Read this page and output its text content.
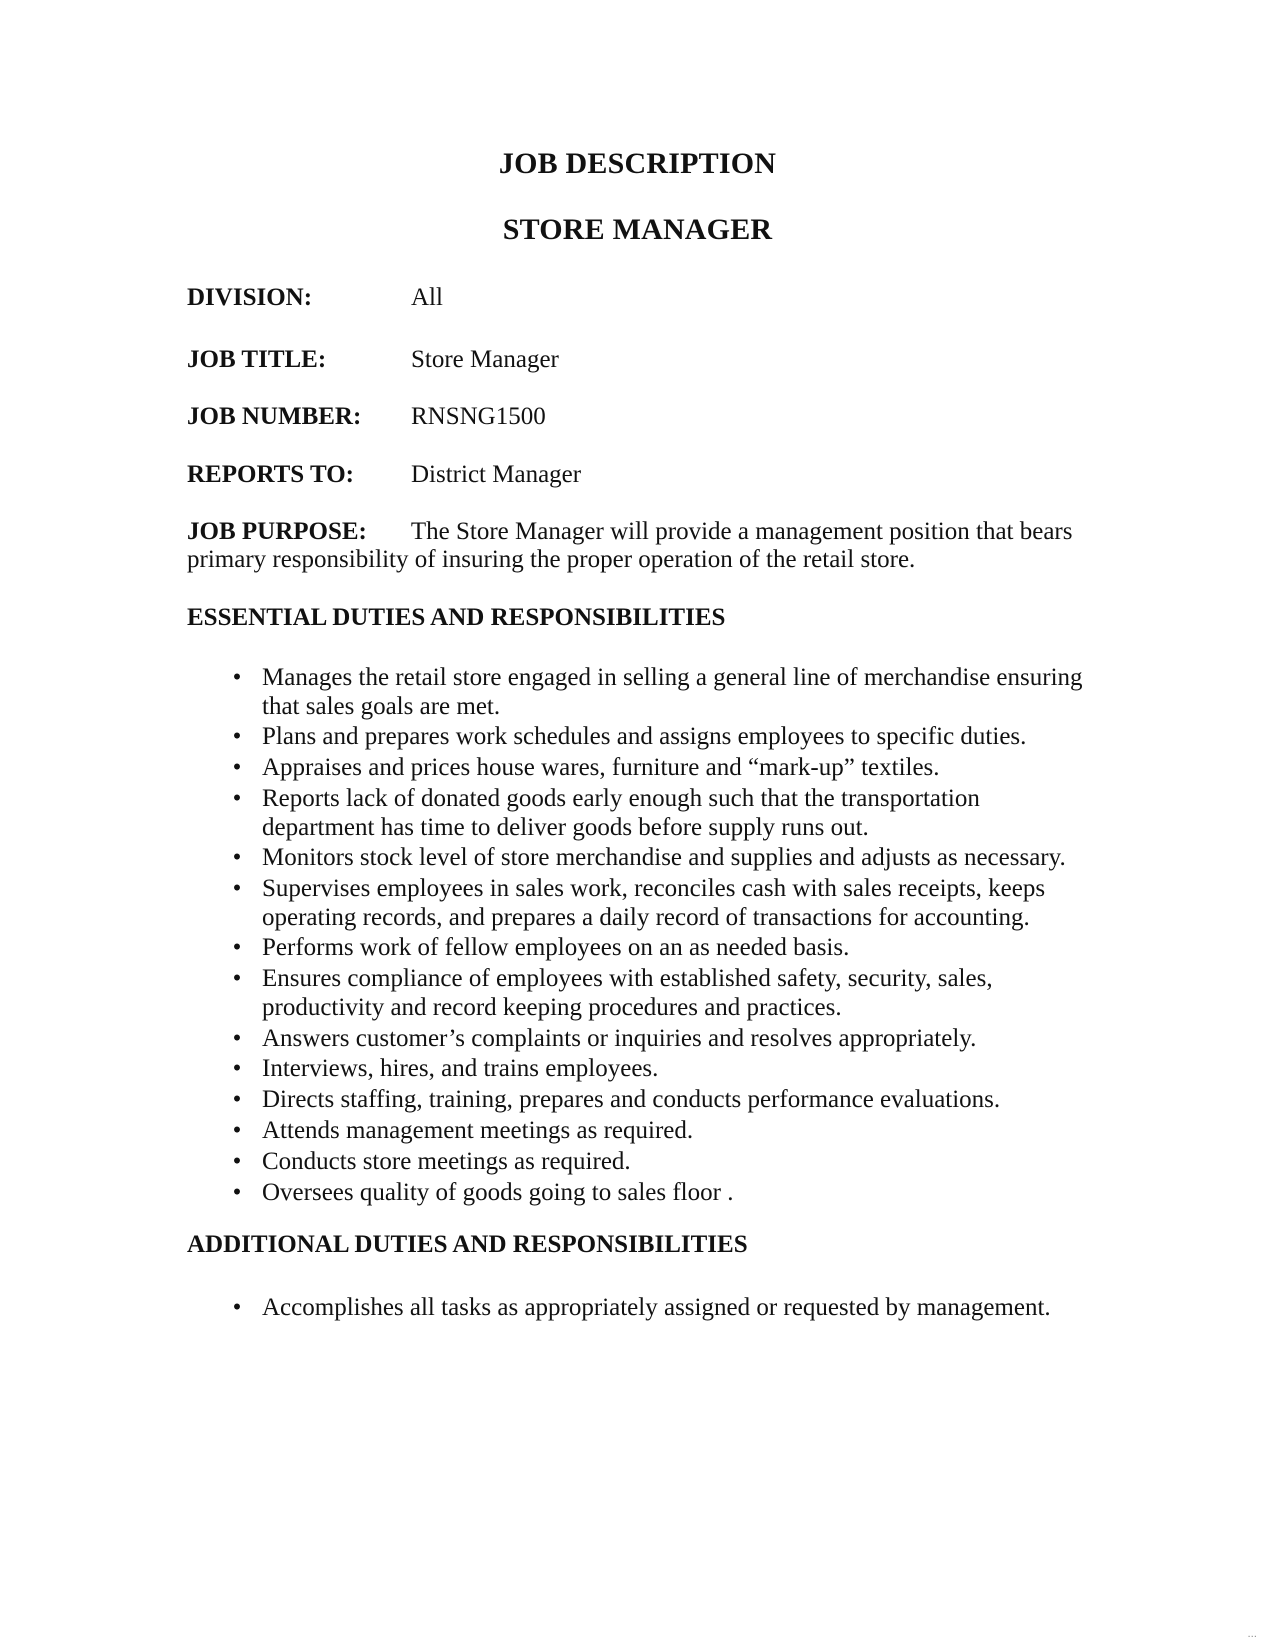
JOB DESCRIPTION
STORE MANAGER
DIVISION:	All
JOB TITLE:	Store Manager
JOB NUMBER: RNSNG1500
REPORTS TO: District Manager
JOB PURPOSE: The Store Manager will provide a management position that bears primary responsibility of insuring the proper operation of the retail store.
ESSENTIAL DUTIES AND RESPONSIBILITIES
• Manages the retail store engaged in selling a general line of merchandise ensuring that sales goals are met.
• Plans and prepares work schedules and assigns employees to specific duties.
• Appraises and prices house wares, furniture and “mark-up” textiles.
• Reports lack of donated goods early enough such that the transportation department has time to deliver goods before supply runs out.
• Monitors stock level of store merchandise and supplies and adjusts as necessary.
• Supervises employees in sales work, reconciles cash with sales receipts, keeps operating records, and prepares a daily record of transactions for accounting.
• Performs work of fellow employees on an as needed basis.
• Ensures compliance of employees with established safety, security, sales, productivity and record keeping procedures and practices.
• Answers customer’s complaints or inquiries and resolves appropriately.
• Interviews, hires, and trains employees.
• Directs staffing, training, prepares and conducts performance evaluations.
• Attends management meetings as required.
• Conducts store meetings as required.
• Oversees quality of goods going to sales floor .
ADDITIONAL DUTIES AND RESPONSIBILITIES
• Accomplishes all tasks as appropriately assigned or requested by management.
...
